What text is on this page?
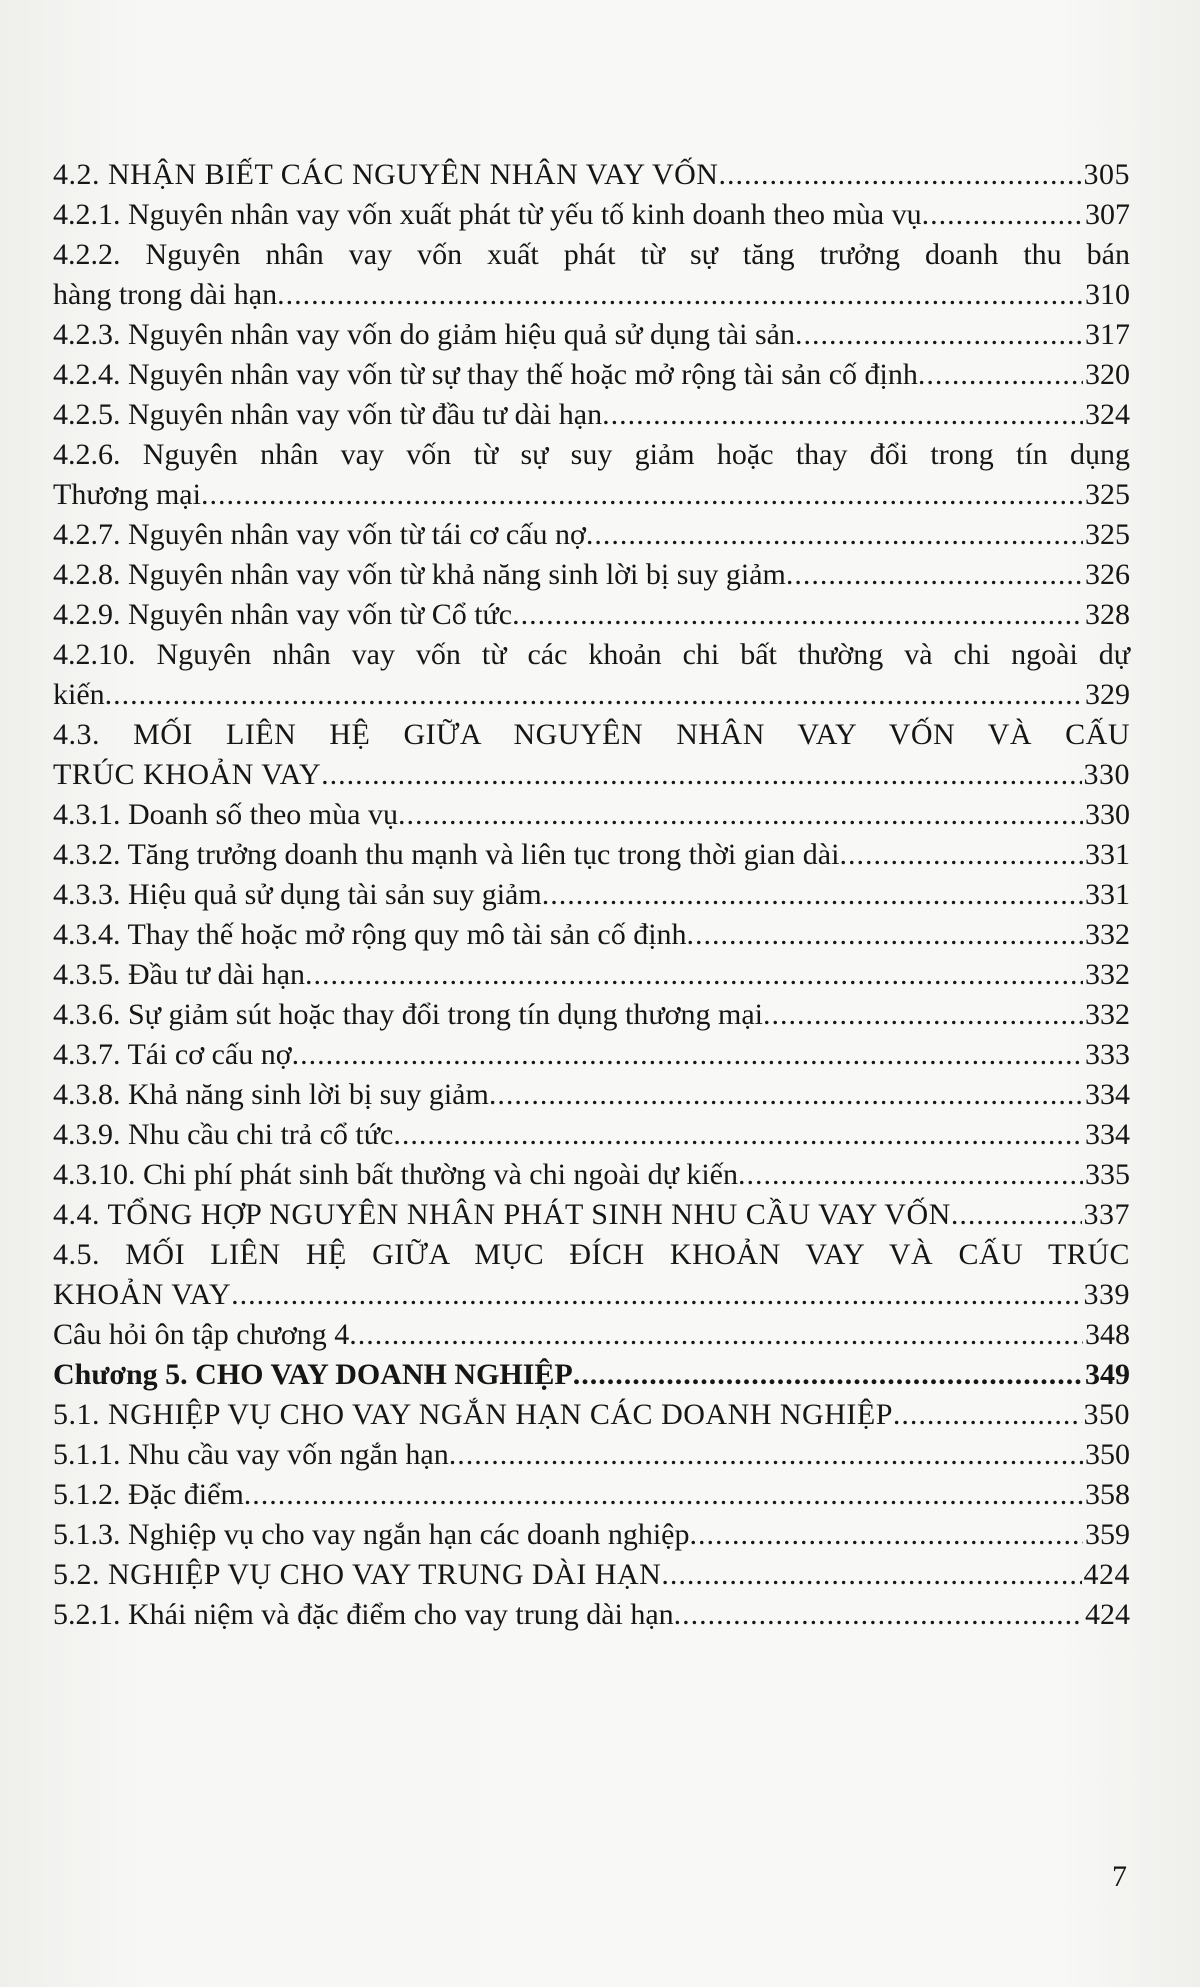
4.2. NHẬN BIẾT CÁC NGUYÊN NHÂN VAY VỐN .....	305
4.2.1. Nguyên nhân vay vốn xuất phát từ yếu tố kinh doanh theo mùa vụ .....	307
4.2.2. Nguyên nhân vay vốn xuất phát từ sự tăng trưởng doanh thu bán
hàng trong dài hạn .....	310
4.2.3. Nguyên nhân vay vốn do giảm hiệu quả sử dụng tài sản .....	317
4.2.4. Nguyên nhân vay vốn từ sự thay thế hoặc mở rộng tài sản cố định .....	320
4.2.5. Nguyên nhân vay vốn từ đầu tư dài hạn .....	324
4.2.6. Nguyên nhân vay vốn từ sự suy giảm hoặc thay đổi trong tín dụng
Thương mại .....	325
4.2.7. Nguyên nhân vay vốn từ tái cơ cấu nợ .....	325
4.2.8. Nguyên nhân vay vốn từ khả năng sinh lời bị suy giảm .....	326
4.2.9. Nguyên nhân vay vốn từ Cổ tức .....	328
4.2.10. Nguyên nhân vay vốn từ các khoản chi bất thường và chi ngoài dự
kiến .....	329
4.3. MỐI LIÊN HỆ GIỮA NGUYÊN NHÂN VAY VỐN VÀ CẤU
TRÚC KHOẢN VAY .....	330
4.3.1. Doanh số theo mùa vụ .....	330
4.3.2. Tăng trưởng doanh thu mạnh và liên tục trong thời gian dài .....	331
4.3.3. Hiệu quả sử dụng tài sản suy giảm .....	331
4.3.4. Thay thế hoặc mở rộng quy mô tài sản cố định .....	332
4.3.5. Đầu tư dài hạn .....	332
4.3.6. Sự giảm sút hoặc thay đổi trong tín dụng thương mại .....	332
4.3.7. Tái cơ cấu nợ .....	333
4.3.8. Khả năng sinh lời bị suy giảm .....	334
4.3.9. Nhu cầu chi trả cổ tức .....	334
4.3.10. Chi phí phát sinh bất thường và chi ngoài dự kiến .....	335
4.4. TỔNG HỢP NGUYÊN NHÂN PHÁT SINH NHU CẦU VAY VỐN .....	337
4.5. MỐI LIÊN HỆ GIỮA MỤC ĐÍCH KHOẢN VAY VÀ CẤU TRÚC
KHOẢN VAY .....	339
Câu hỏi ôn tập chương 4 .....	348
Chương 5. CHO VAY DOANH NGHIỆP .....	349
5.1. NGHIỆP VỤ CHO VAY NGẮN HẠN CÁC DOANH NGHIỆP .....	350
5.1.1. Nhu cầu vay vốn ngắn hạn .....	350
5.1.2. Đặc điểm .....	358
5.1.3. Nghiệp vụ cho vay ngắn hạn các doanh nghiệp .....	359
5.2. NGHIỆP VỤ CHO VAY TRUNG DÀI HẠN .....	424
5.2.1. Khái niệm và đặc điểm cho vay trung dài hạn .....	424
7
